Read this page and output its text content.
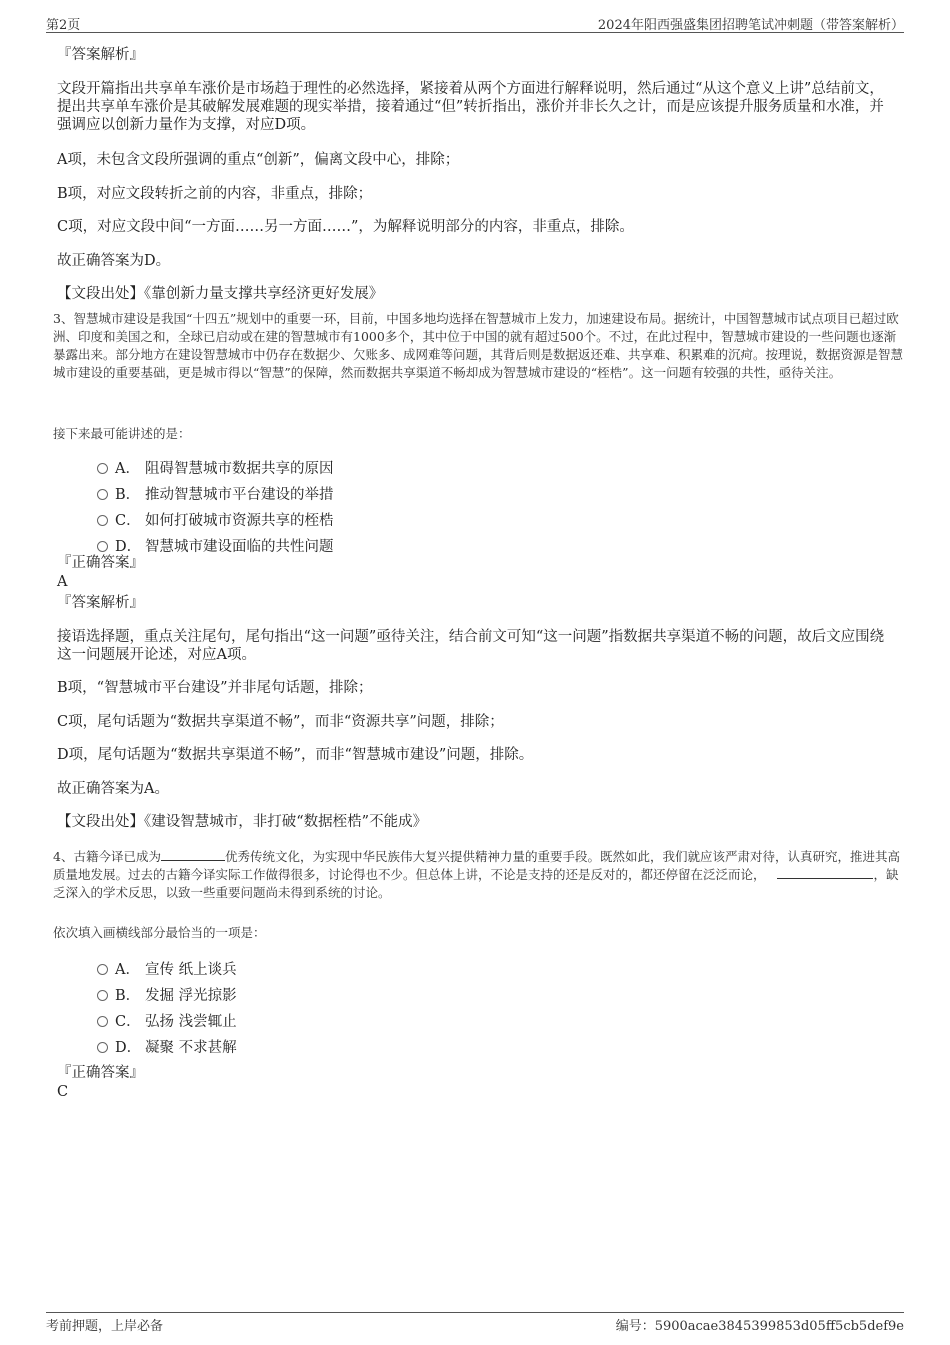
第2页	2024年阳西强盛集团招聘笔试冲刺题（带答案解析）
『答案解析』
文段开篇指出共享单车涨价是市场趋于理性的必然选择，紧接着从两个方面进行解释说明，然后通过“从这个意义上讲”总结前文，提出共享单车涨价是其破解发展难题的现实举措，接着通过“但”转折指出，涨价并非长久之计，而是应该提升服务质量和水准，并强调应以创新力量作为支撑，对应D项。
A项，未包含文段所强调的重点“创新”，偏离文段中心，排除；
B项，对应文段转折之前的内容，非重点，排除；
C项，对应文段中间“一方面……另一方面……”，为解释说明部分的内容，非重点，排除。
故正确答案为D。
【文段出处】《靠创新力量支撑共享经济更好发展》
3、智慧城市建设是我国“十四五”规划中的重要一环，目前，中国多地均选择在智慧城市上发力，加速建设布局。据统计，中国智慧城市试点项目已超过欧洲、印度和美国之和，全球已启动或在建的智慧城市有1000多个，其中位于中国的就有超过500个。不过，在此过程中，智慧城市建设的一些问题也逐渐暴露出来。部分地方在建设智慧城市中仍存在数据少、欠账多、成网难等问题，其背后则是数据返还难、共享难、积累难的沉疴。按理说，数据资源是智慧城市建设的重要基础，更是城市得以“智慧”的保障，然而数据共享渠道不畅却成为智慧城市建设的“桎梏”。这一问题有较强的共性，亟待关注。
接下来最可能讲述的是：
A． 阻碍智慧城市数据共享的原因
B． 推动智慧城市平台建设的举措
C． 如何打破城市资源共享的桎梏
D． 智慧城市建设面临的共性问题
『正确答案』
A
『答案解析』
接语选择题，重点关注尾句，尾句指出“这一问题”亟待关注，结合前文可知“这一问题”指数据共享渠道不畅的问题，故后文应围绕这一问题展开论述，对应A项。
B项，“智慧城市平台建设”并非尾句话题，排除；
C项，尾句话题为“数据共享渠道不畅”，而非“资源共享”问题，排除；
D项，尾句话题为“数据共享渠道不畅”，而非“智慧城市建设”问题，排除。
故正确答案为A。
【文段出处】《建设智慧城市，非打破“数据桎梏”不能成》
4、古籍今译已成为	优秀传统文化，为实现中华民族伟大复兴提供精神力量的重要手段。既然如此，我们就应该严肃对待，认真研究，推进其高质量地发展。过去的古籍今译实际工作做得很多，讨论得也不少。但总体上讲，不论是支持的还是反对的，都还停留在泛泛而论，	，缺乏深入的学术反思，以致一些重要问题尚未得到系统的讨论。
依次填入画横线部分最恰当的一项是：
A． 宣传 纸上谈兵
B． 发掘 浮光掠影
C． 弘扬 浅尝辄止
D． 凝聚 不求甚解
『正确答案』
C
考前押题，上岸必备	编号：5900acae3845399853d05ff5cb5def9e
